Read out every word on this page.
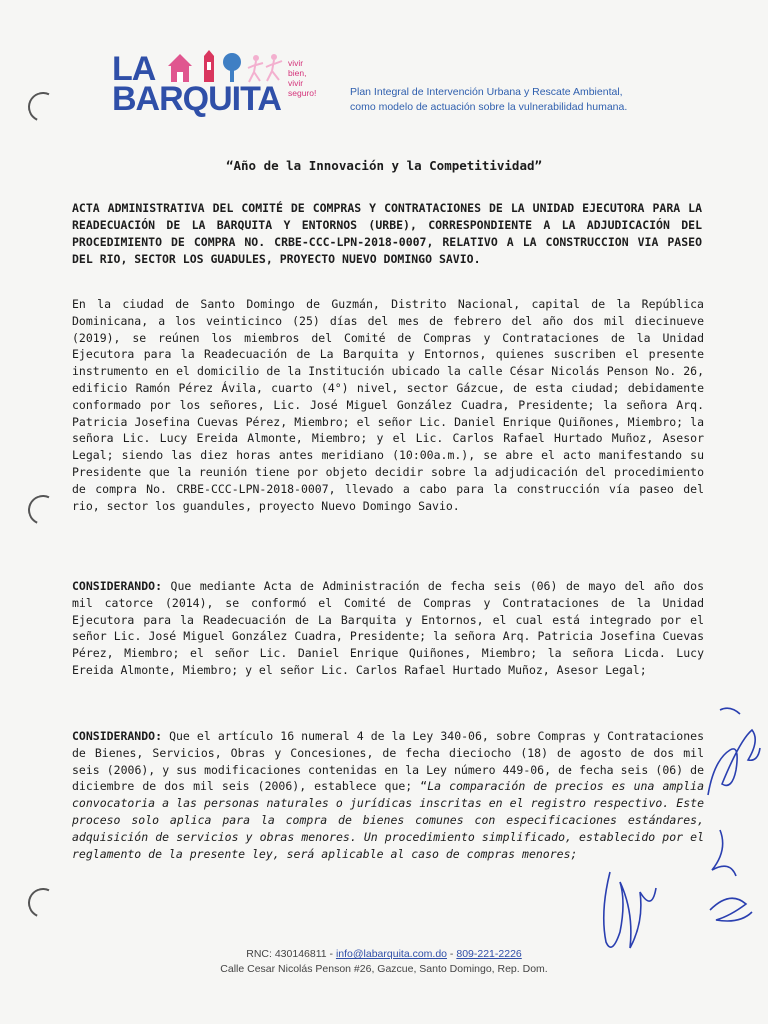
LA
BARQUITA
vivir
bien,
vivir
seguro!	Plan Integral de Intervención Urbana y Rescate Ambiental,
como modelo de actuación sobre la vulnerabilidad humana.
“Año de la Innovación y la Competitividad”
ACTA ADMINISTRATIVA DEL COMITÉ DE COMPRAS Y CONTRATACIONES DE LA UNIDAD EJECUTORA PARA LA READECUACIÓN DE LA BARQUITA Y ENTORNOS (URBE), CORRESPONDIENTE A LA ADJUDICACIÓN DEL PROCEDIMIENTO DE COMPRA NO. CRBE-CCC-LPN-2018-0007, RELATIVO A LA CONSTRUCCION VIA PASEO DEL RIO, SECTOR LOS GUADULES, PROYECTO NUEVO DOMINGO SAVIO.
En la ciudad de Santo Domingo de Guzmán, Distrito Nacional, capital de la República Dominicana, a los veinticinco (25) días del mes de febrero del año dos mil diecinueve (2019), se reúnen los miembros del Comité de Compras y Contrataciones de la Unidad Ejecutora para la Readecuación de La Barquita y Entornos, quienes suscriben el presente instrumento en el domicilio de la Institución ubicado la calle César Nicolás Penson No. 26, edificio Ramón Pérez Ávila, cuarto (4°) nivel, sector Gázcue, de esta ciudad; debidamente conformado por los señores, Lic. José Miguel González Cuadra, Presidente; la señora Arq. Patricia Josefina Cuevas Pérez, Miembro; el señor Lic. Daniel Enrique Quiñones, Miembro; la señora Lic. Lucy Ereida Almonte, Miembro; y el Lic. Carlos Rafael Hurtado Muñoz, Asesor Legal; siendo las diez horas antes meridiano (10:00a.m.), se abre el acto manifestando su Presidente que la reunión tiene por objeto decidir sobre la adjudicación del procedimiento de compra No. CRBE-CCC-LPN-2018-0007, llevado a cabo para la construcción vía paseo del rio, sector los guandules, proyecto Nuevo Domingo Savio.
CONSIDERANDO: Que mediante Acta de Administración de fecha seis (06) de mayo del año dos mil catorce (2014), se conformó el Comité de Compras y Contrataciones de la Unidad Ejecutora para la Readecuación de La Barquita y Entornos, el cual está integrado por el señor Lic. José Miguel González Cuadra, Presidente; la señora Arq. Patricia Josefina Cuevas Pérez, Miembro; el señor Lic. Daniel Enrique Quiñones, Miembro; la señora Licda. Lucy Ereida Almonte, Miembro; y el señor Lic. Carlos Rafael Hurtado Muñoz, Asesor Legal;
CONSIDERANDO: Que el artículo 16 numeral 4 de la Ley 340-06, sobre Compras y Contrataciones de Bienes, Servicios, Obras y Concesiones, de fecha dieciocho (18) de agosto de dos mil seis (2006), y sus modificaciones contenidas en la Ley número 449-06, de fecha seis (06) de diciembre de dos mil seis (2006), establece que; “La comparación de precios es una amplia convocatoria a las personas naturales o jurídicas inscritas en el registro respectivo. Este proceso solo aplica para la compra de bienes comunes con especificaciones estándares, adquisición de servicios y obras menores. Un procedimiento simplificado, establecido por el reglamento de la presente ley, será aplicable al caso de compras menores;
RNC: 430146811 - info@labarquita.com.do - 809-221-2226
Calle Cesar Nicolás Penson #26, Gazcue, Santo Domingo, Rep. Dom.
